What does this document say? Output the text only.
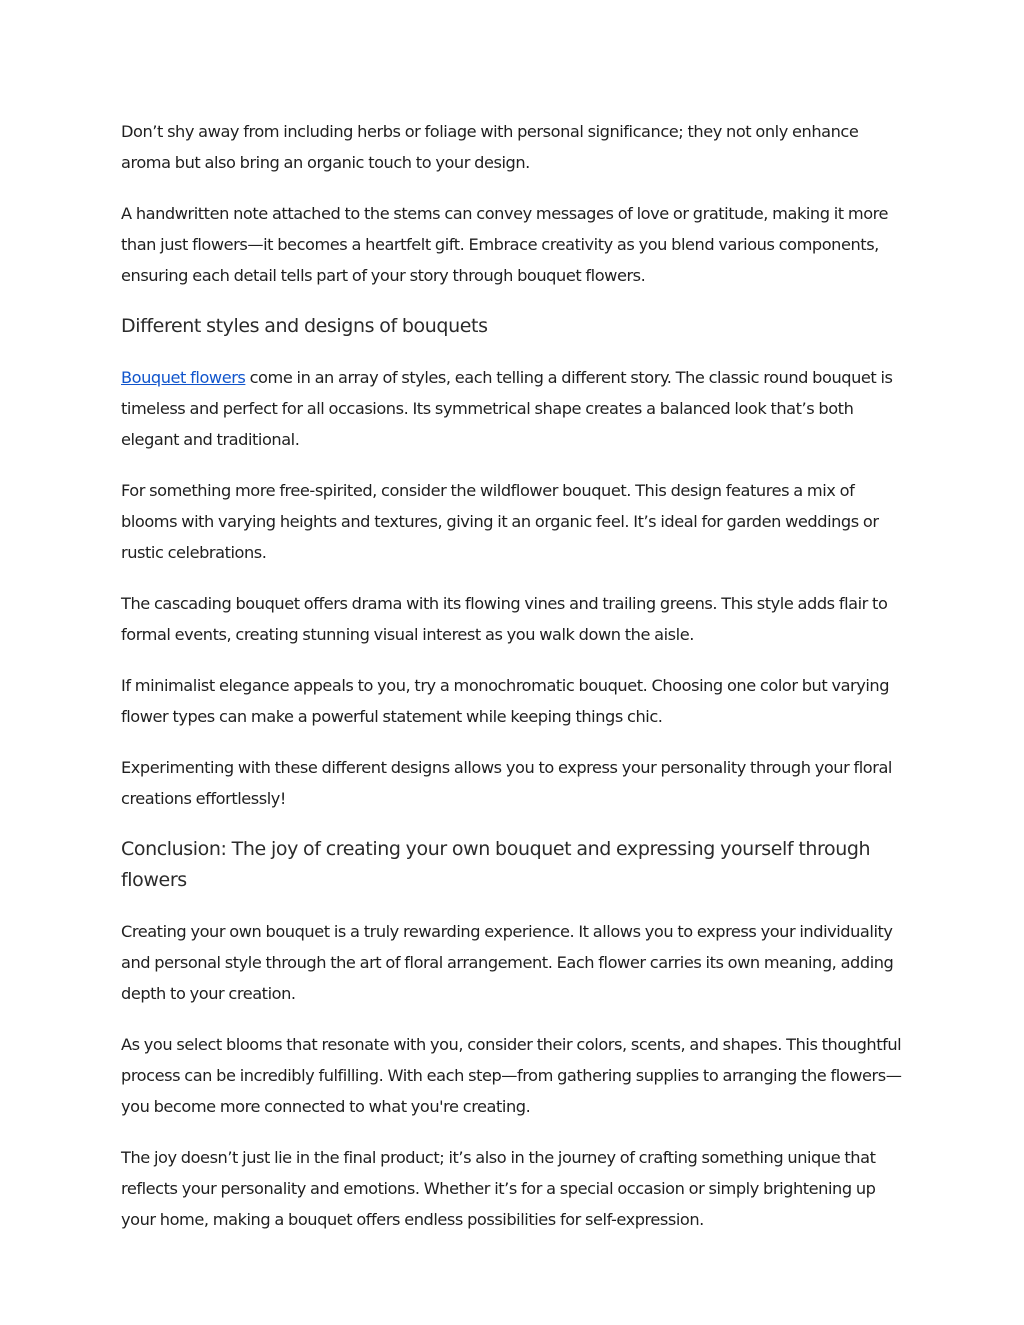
Don’t shy away from including herbs or foliage with personal significance; they not only enhance aroma but also bring an organic touch to your design.

A handwritten note attached to the stems can convey messages of love or gratitude, making it more than just flowers—it becomes a heartfelt gift. Embrace creativity as you blend various components, ensuring each detail tells part of your story through bouquet flowers.

Different styles and designs of bouquets

Bouquet flowers come in an array of styles, each telling a different story. The classic round bouquet is timeless and perfect for all occasions. Its symmetrical shape creates a balanced look that’s both elegant and traditional.

For something more free-spirited, consider the wildflower bouquet. This design features a mix of blooms with varying heights and textures, giving it an organic feel. It’s ideal for garden weddings or rustic celebrations.

The cascading bouquet offers drama with its flowing vines and trailing greens. This style adds flair to formal events, creating stunning visual interest as you walk down the aisle.

If minimalist elegance appeals to you, try a monochromatic bouquet. Choosing one color but varying flower types can make a powerful statement while keeping things chic.

Experimenting with these different designs allows you to express your personality through your floral creations effortlessly!

Conclusion: The joy of creating your own bouquet and expressing yourself through flowers

Creating your own bouquet is a truly rewarding experience. It allows you to express your individuality and personal style through the art of floral arrangement. Each flower carries its own meaning, adding depth to your creation.

As you select blooms that resonate with you, consider their colors, scents, and shapes. This thoughtful process can be incredibly fulfilling. With each step—from gathering supplies to arranging the flowers—you become more connected to what you're creating.

The joy doesn’t just lie in the final product; it’s also in the journey of crafting something unique that reflects your personality and emotions. Whether it’s for a special occasion or simply brightening up your home, making a bouquet offers endless possibilities for self-expression.
